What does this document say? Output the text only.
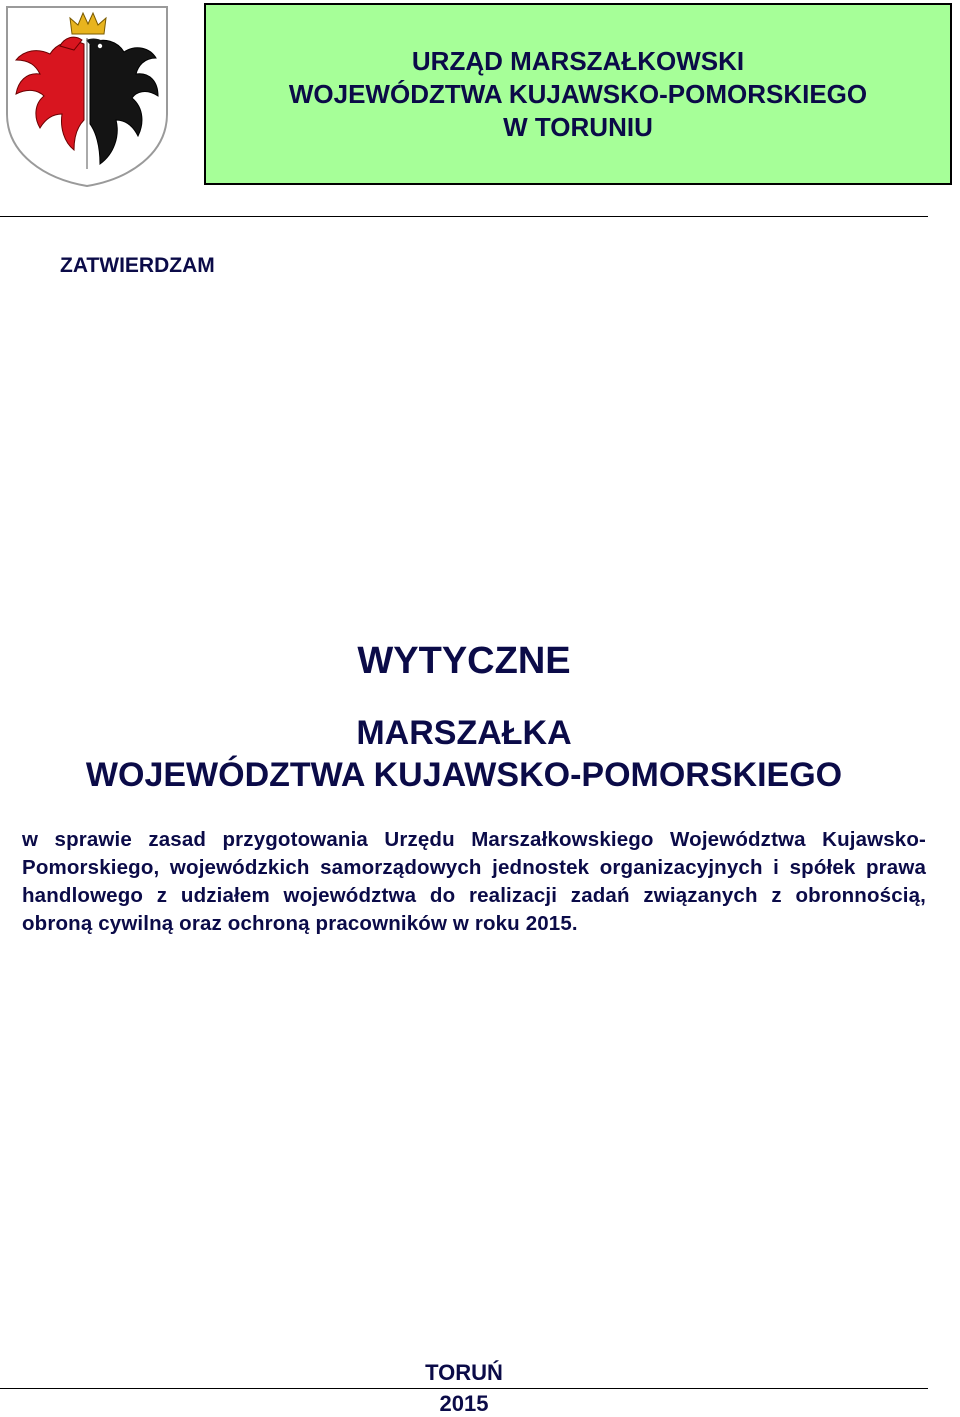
URZĄD MARSZAŁKOWSKI
WOJEWÓDZTWA KUJAWSKO-POMORSKIEGO
W TORUNIU
ZATWIERDZAM
WYTYCZNE
MARSZAŁKA
WOJEWÓDZTWA KUJAWSKO-POMORSKIEGO
w sprawie zasad przygotowania Urzędu Marszałkowskiego Województwa Kujawsko-Pomorskiego, wojewódzkich samorządowych jednostek organizacyjnych i spółek prawa handlowego z udziałem województwa do realizacji zadań związanych z obronnością, obroną cywilną oraz ochroną pracowników w roku 2015.
TORUŃ
2015
